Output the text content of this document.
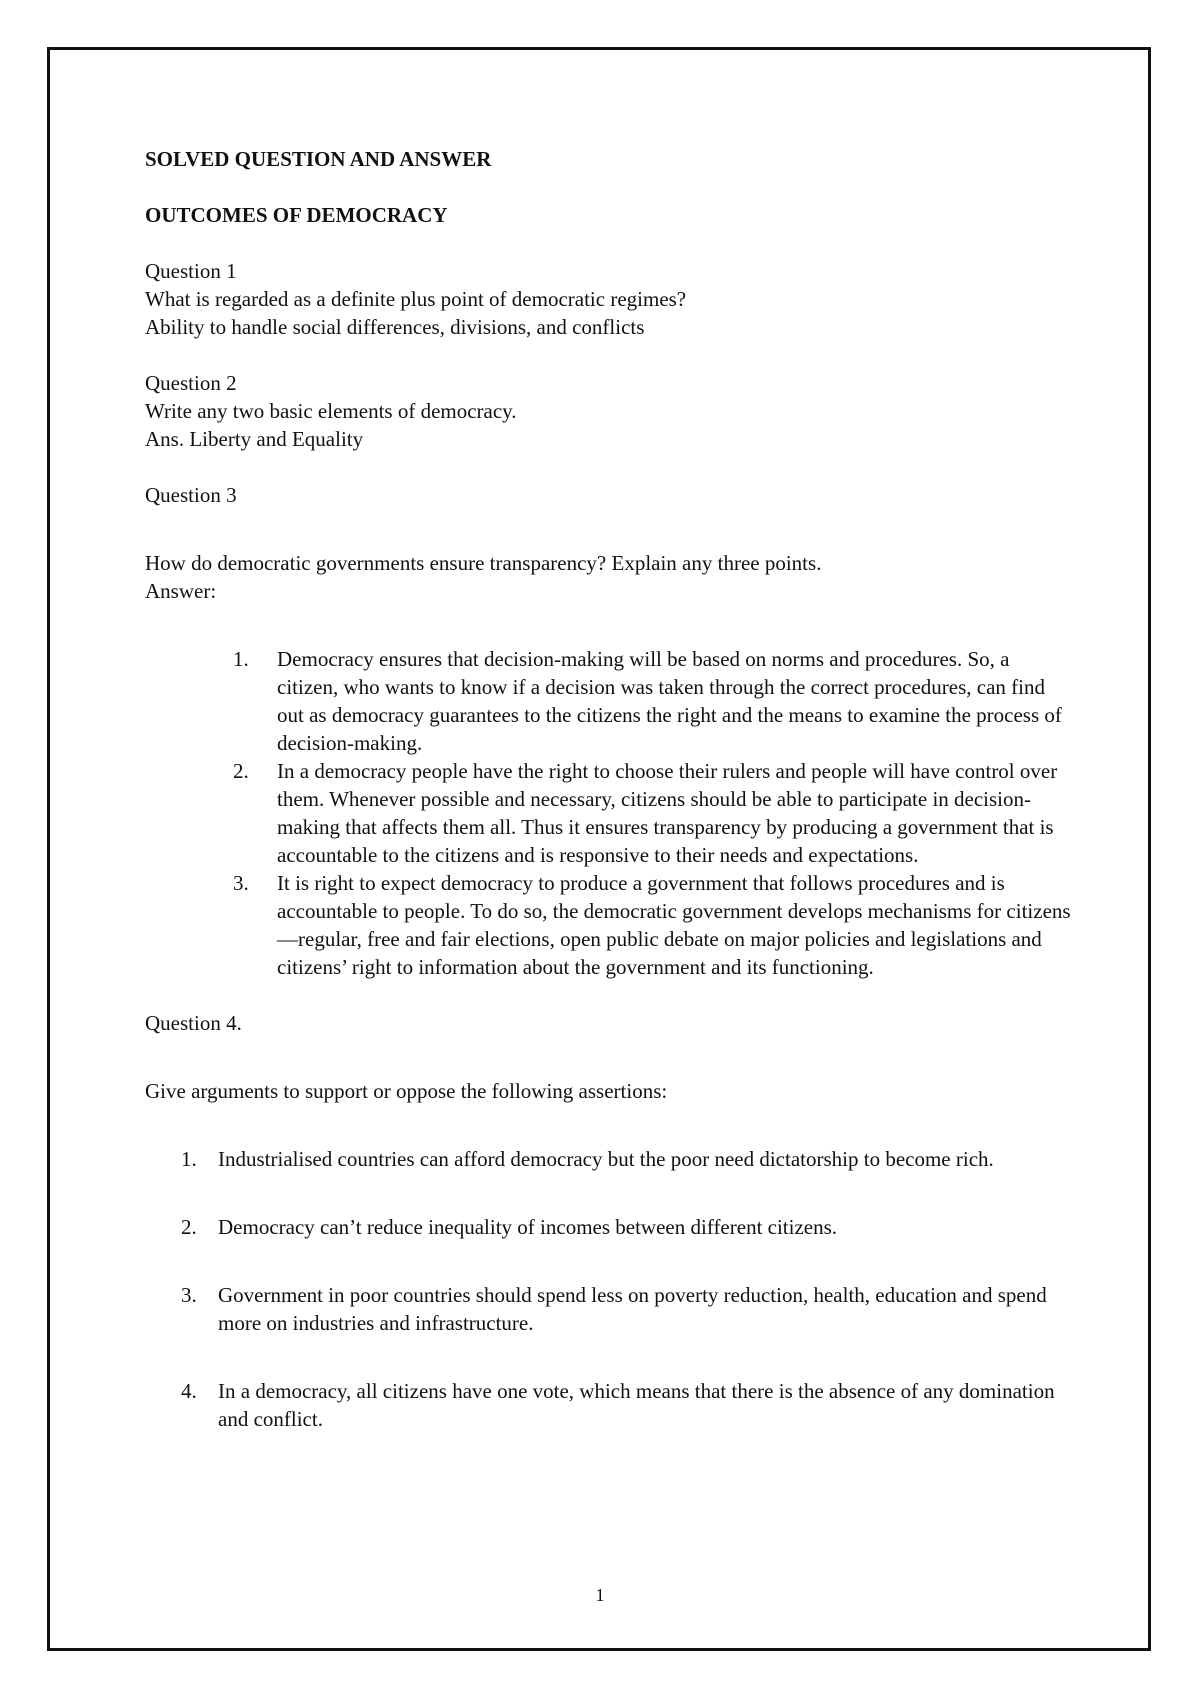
SOLVED QUESTION AND ANSWER

OUTCOMES OF DEMOCRACY

Question 1

What is regarded as a definite plus point of democratic regimes?

Ability to handle social differences, divisions, and conflicts

Question 2

Write any two basic elements of democracy.

Ans. Liberty and Equality

Question 3

How do democratic governments ensure transparency? Explain any three points.

Answer:

1. Democracy ensures that decision-making will be based on norms and procedures. So, a citizen, who wants to know if a decision was taken through the correct procedures, can find out as democracy guarantees to the citizens the right and the means to examine the process of decision-making.
2. In a democracy people have the right to choose their rulers and people will have control over them. Whenever possible and necessary, citizens should be able to participate in decision-making that affects them all. Thus it ensures transparency by producing a government that is accountable to the citizens and is responsive to their needs and expectations.
3. It is right to expect democracy to produce a government that follows procedures and is accountable to people. To do so, the democratic government develops mechanisms for citizens—regular, free and fair elections, open public debate on major policies and legislations and citizens’ right to information about the government and its functioning.

Question 4.

Give arguments to support or oppose the following assertions:

1. Industrialised countries can afford democracy but the poor need dictatorship to become rich.
2. Democracy can’t reduce inequality of incomes between different citizens.
3. Government in poor countries should spend less on poverty reduction, health, education and spend more on industries and infrastructure.
4. In a democracy, all citizens have one vote, which means that there is the absence of any domination and conflict.
1
